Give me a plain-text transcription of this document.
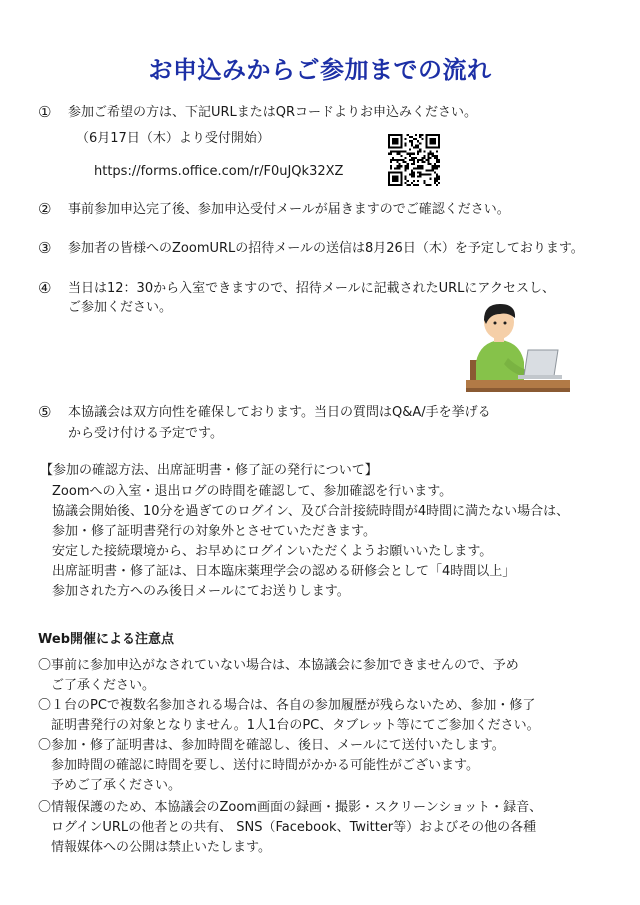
お申込みからご参加までの流れ
① 参加ご希望の方は、下記URLまたはQRコードよりお申込みください。
（6月17日（木）より受付開始）
https://forms.office.com/r/F0uJQk32XZ
② 事前参加申込完了後、参加申込受付メールが届きますのでご確認ください。
③ 参加者の皆様へのZoomURLの招待メールの送信は8月26日（木）を予定しております。
④ 当日は12：30から入室できますので、招待メールに記載されたURLにアクセスし、
ご参加ください。
⑤ 本協議会は双方向性を確保しております。当日の質問はQ&A/手を挙げる
から受け付ける予定です。
【参加の確認方法、出席証明書・修了証の発行について】
Zoomへの入室・退出ログの時間を確認して、参加確認を行います。
協議会開始後、10分を過ぎてのログイン、及び合計接続時間が4時間に満たない場合は、
参加・修了証明書発行の対象外とさせていただきます。
安定した接続環境から、お早めにログインいただくようお願いいたします。
出席証明書・修了証は、日本臨床薬理学会の認める研修会として「4時間以上」
参加された方へのみ後日メールにてお送りします。
Web開催による注意点
〇事前に参加申込がなされていない場合は、本協議会に参加できませんので、予め
　ご了承ください。
〇１台のPCで複数名参加される場合は、各自の参加履歴が残らないため、参加・修了
　証明書発行の対象となりません。1人1台のPC、タブレット等にてご参加ください。
〇参加・修了証明書は、参加時間を確認し、後日、メールにて送付いたします。
　参加時間の確認に時間を要し、送付に時間がかかる可能性がございます。
　予めご了承ください。
〇情報保護のため、本協議会のZoom画面の録画・撮影・スクリーンショット・録音、
　ログインURLの他者との共有、 SNS（Facebook、Twitter等）およびその他の各種
　情報媒体への公開は禁止いたします。
